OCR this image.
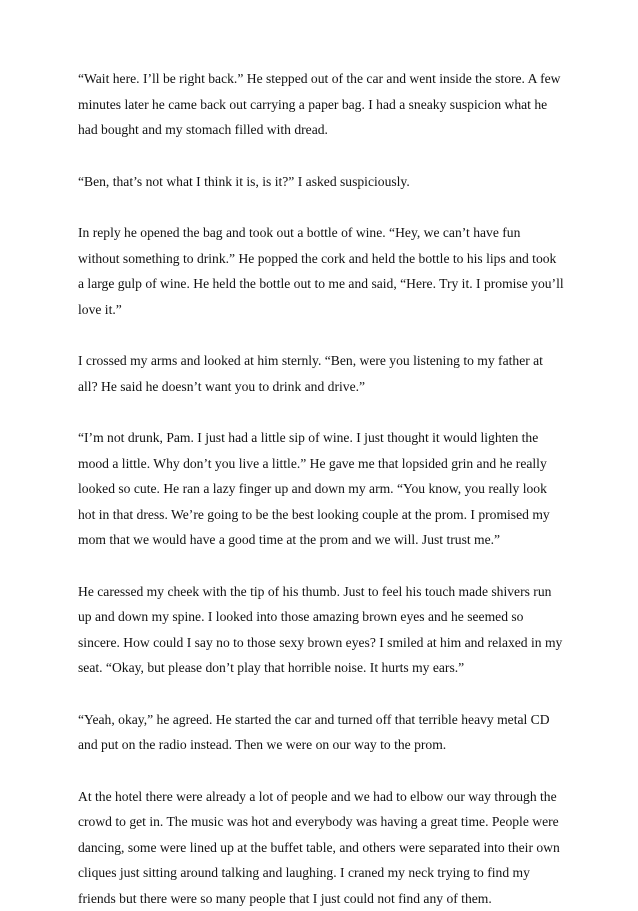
“Wait here. I’ll be right back.” He stepped out of the car and went inside the store. A few minutes later he came back out carrying a paper bag. I had a sneaky suspicion what he had bought and my stomach filled with dread.

“Ben, that’s not what I think it is, is it?” I asked suspiciously.

In reply he opened the bag and took out a bottle of wine. “Hey, we can’t have fun without something to drink.” He popped the cork and held the bottle to his lips and took a large gulp of wine. He held the bottle out to me and said, “Here. Try it. I promise you’ll love it.”

I crossed my arms and looked at him sternly. “Ben, were you listening to my father at all? He said he doesn’t want you to drink and drive.”

“I’m not drunk, Pam. I just had a little sip of wine. I just thought it would lighten the mood a little. Why don’t you live a little.” He gave me that lopsided grin and he really looked so cute. He ran a lazy finger up and down my arm. “You know, you really look hot in that dress. We’re going to be the best looking couple at the prom. I promised my mom that we would have a good time at the prom and we will. Just trust me.”

He caressed my cheek with the tip of his thumb. Just to feel his touch made shivers run up and down my spine. I looked into those amazing brown eyes and he seemed so sincere. How could I say no to those sexy brown eyes? I smiled at him and relaxed in my seat. “Okay, but please don’t play that horrible noise. It hurts my ears.”

“Yeah, okay,” he agreed. He started the car and turned off that terrible heavy metal CD and put on the radio instead. Then we were on our way to the prom.

At the hotel there were already a lot of people and we had to elbow our way through the crowd to get in. The music was hot and everybody was having a great time. People were dancing, some were lined up at the buffet table, and others were separated into their own cliques just sitting around talking and laughing. I craned my neck trying to find my friends but there were so many people that I just could not find any of them.
